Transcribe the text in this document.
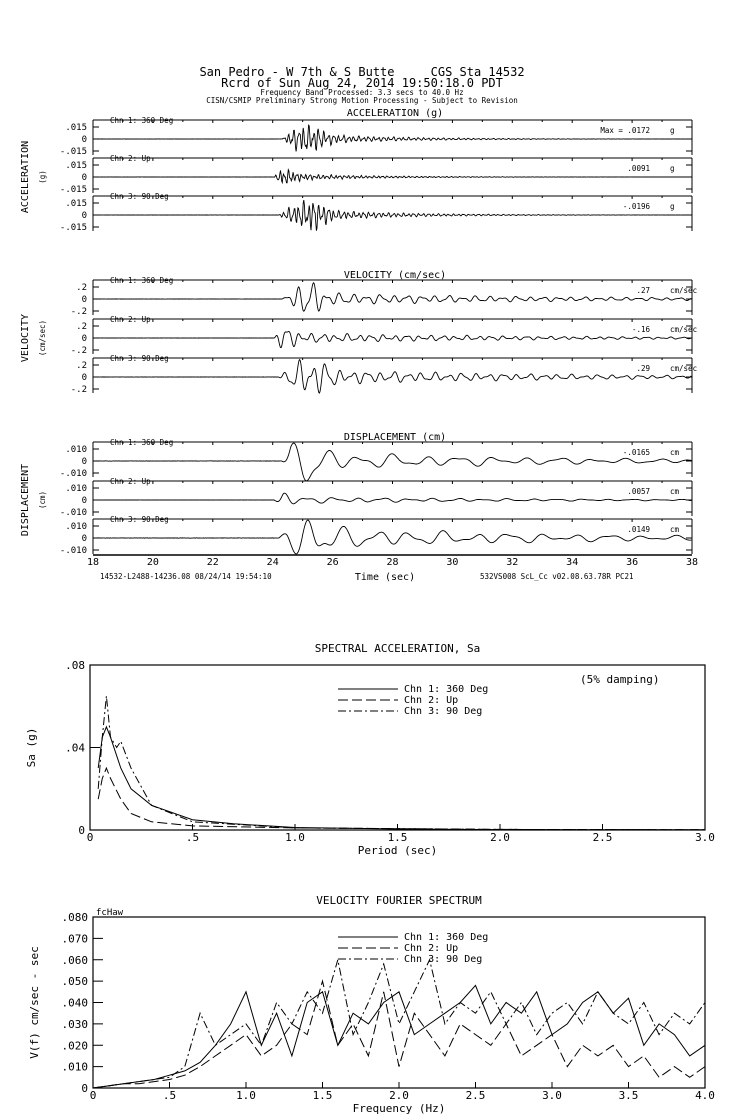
San Pedro - W 7th & S Butte     CGS Sta 14532
Rcrd of Sun Aug 24, 2014 19:50:18.0 PDT
Frequency Band Processed: 3.3 secs to 40.0 Hz
CISN/CSMIP Preliminary Strong Motion Processing - Subject to Revision
ACCELERATION (g)
ACCELERATION (g)
.015
0
-.015
Chn 1: 360 Deg
Max = .0172	g
.015
0
-.015
Chn 2: Up
.0091	g
.015
0
-.015
Chn 3: 90 Deg
-.0196	g
VELOCITY (cm/sec)
VELOCITY (cm/sec)
.2
0
-.2
Chn 1: 360 Deg
.27	cm/sec
.2
0
-.2
Chn 2: Up
-.16	cm/sec
.2
0
-.2
Chn 3: 90 Deg
.29	cm/sec
DISPLACEMENT (cm)
DISPLACEMENT (cm)
.010
0
-.010
Chn 1: 360 Deg
-.0165	cm
.010
0
-.010
Chn 2: Up
.0057	cm
.010
0
-.010
Chn 3: 90 Deg
.0149	cm
18	20	22	24	26	28	30	32	34	36	38
14532-L2488-14236.08 08/24/14 19:54:10	Time (sec)	532VS008 ScL_Cc v02.08.63.78R PC21
SPECTRAL ACCELERATION, Sa
0	.5	1.0	1.5	2.0	2.5	3.0
0
.04
.08
Period (sec)
Sa (g)
Chn 1: 360 Deg
Chn 2: Up
Chn 3: 90 Deg
(5% damping)
VELOCITY FOURIER SPECTRUM
0	.5	1.0	1.5	2.0	2.5	3.0	3.5	4.0
0
.010
.020
.030
.040
.050
.060
.070
.080
Frequency (Hz)
V(f) cm/sec - sec
Chn 1: 360 Deg
Chn 2: Up
Chn 3: 90 Deg
fcHaw
